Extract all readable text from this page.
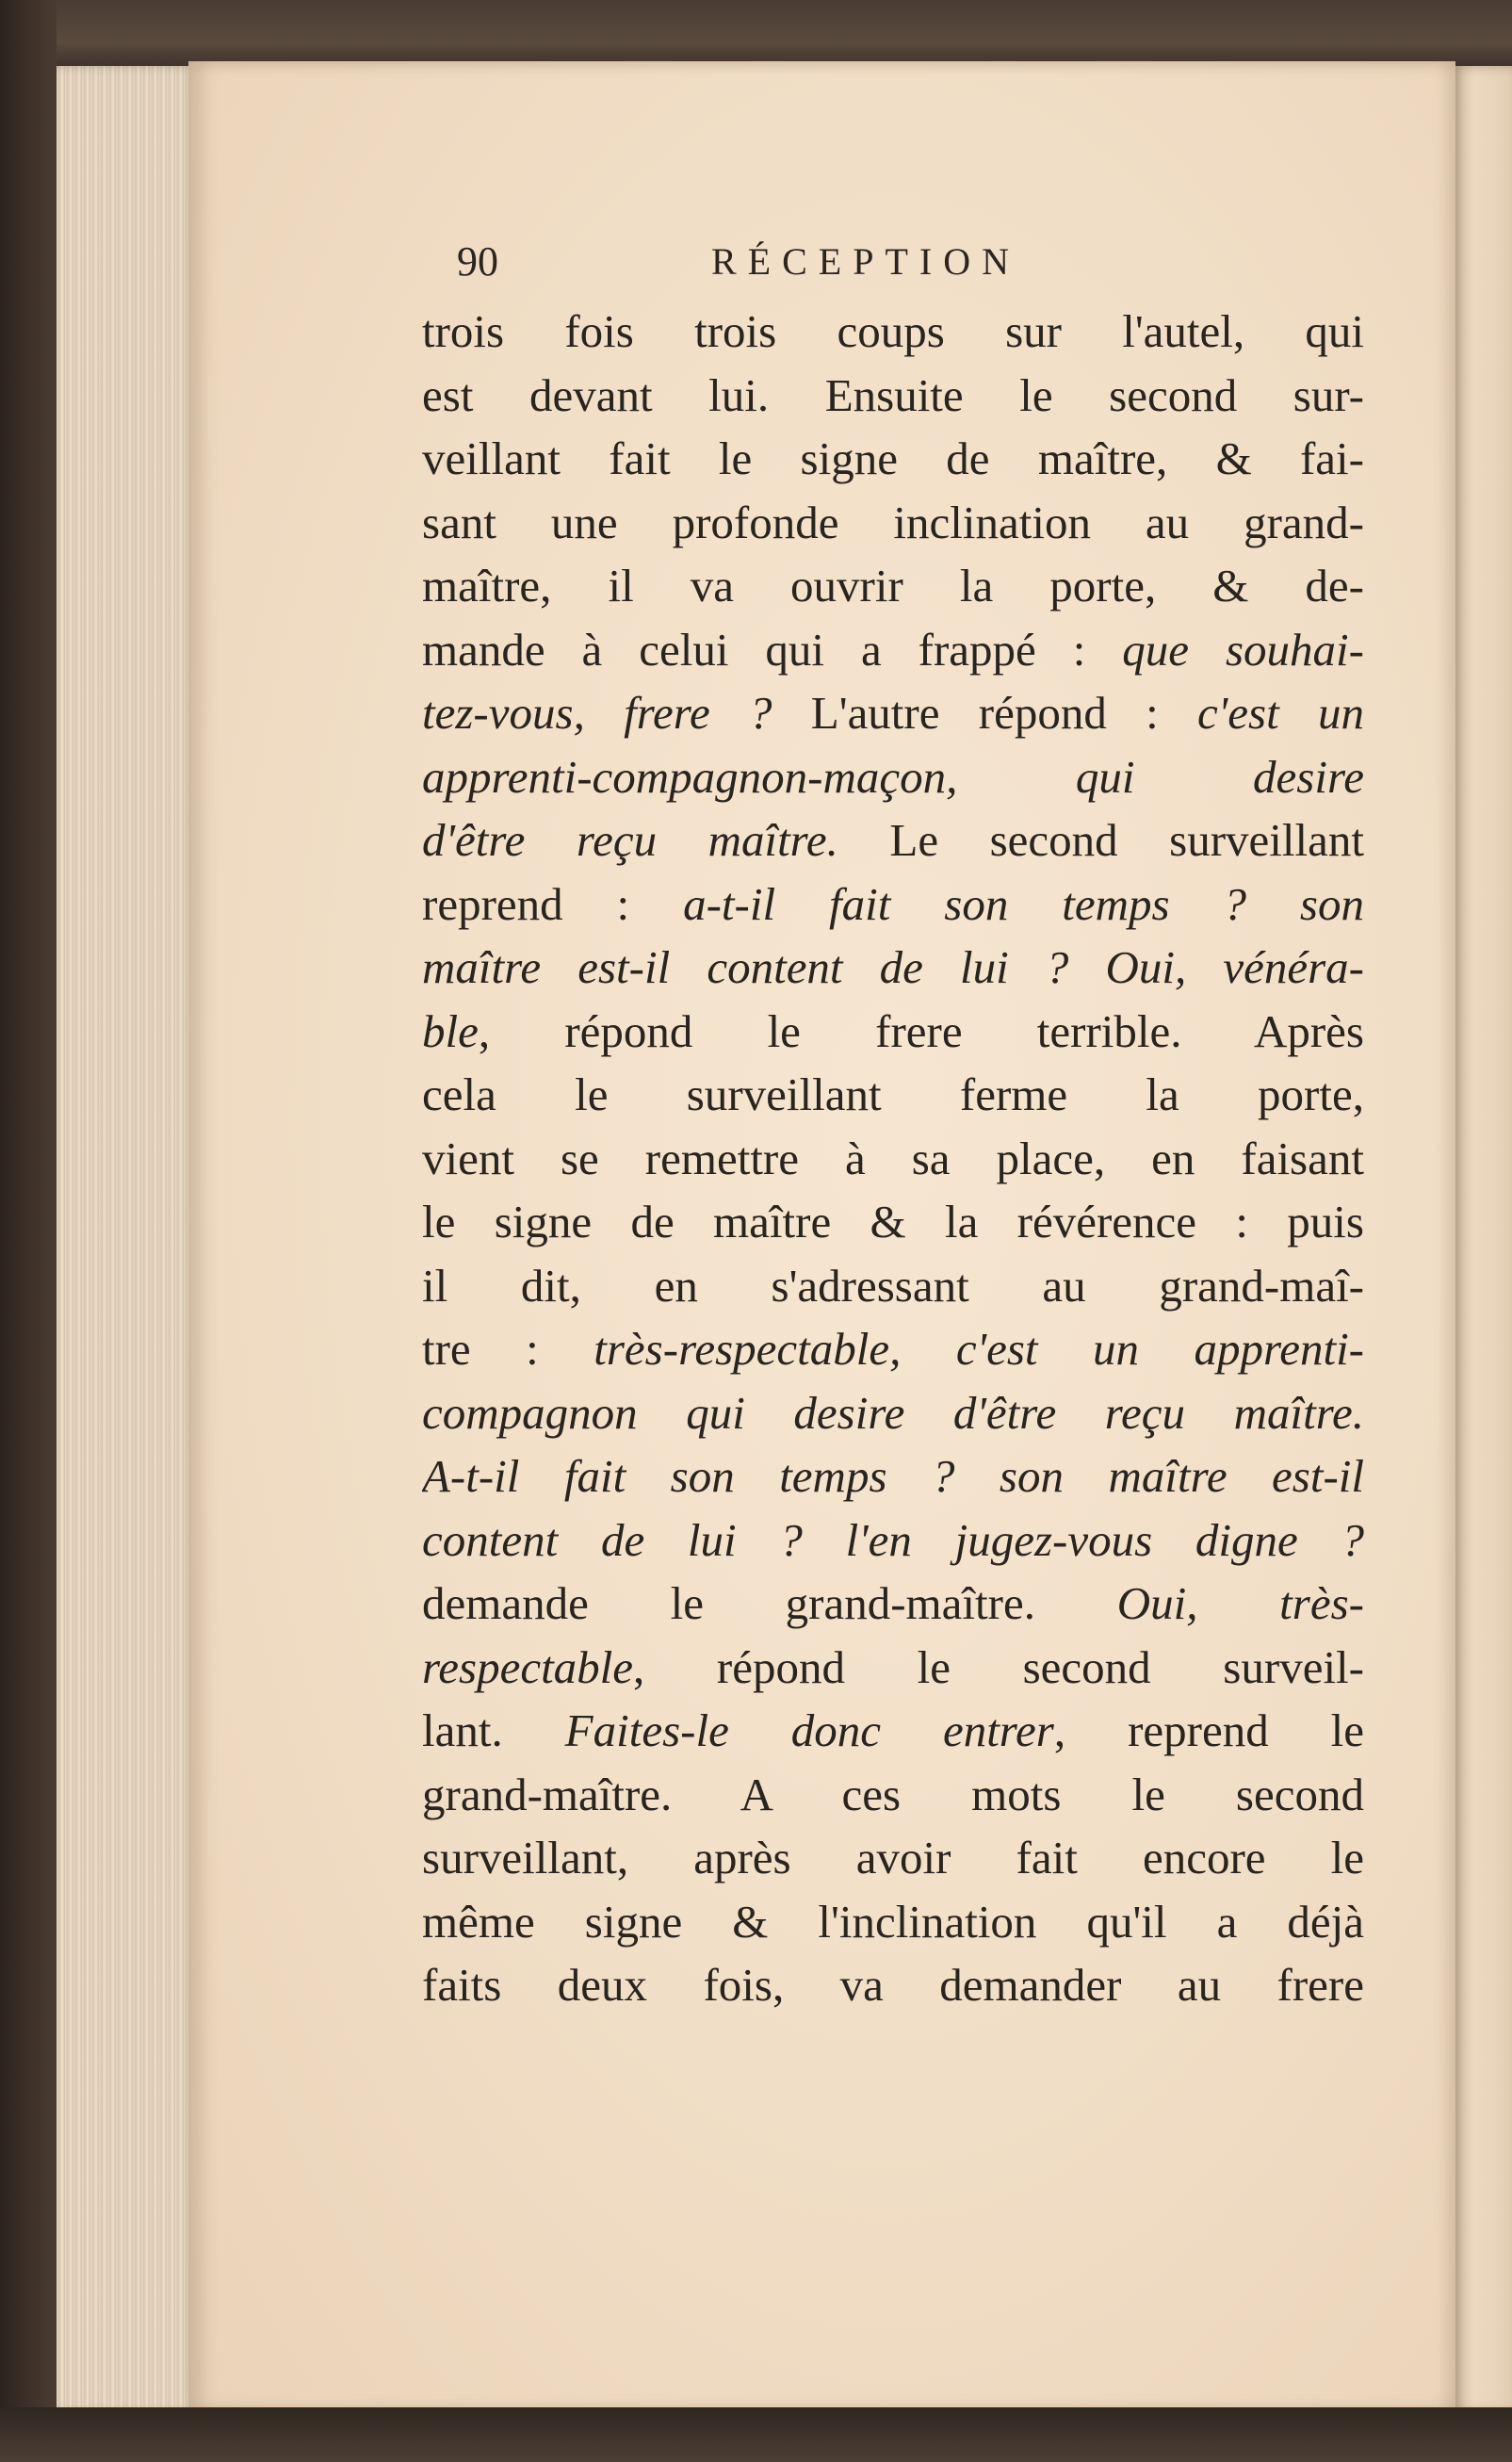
90	RÉCEPTION
trois fois trois coups sur l'autel, qui
est devant lui. Ensuite le second sur-
veillant fait le signe de maître, & fai-
sant une profonde inclination au grand-
maître, il va ouvrir la porte, & de-
mande à celui qui a frappé : que souhai-
tez-vous, frere ? L'autre répond : c'est un
apprenti-compagnon-maçon, qui desire
d'être reçu maître. Le second surveillant
reprend : a-t-il fait son temps ? son
maître est-il content de lui ? Oui, vénéra-
ble, répond le frere terrible. Après
cela le surveillant ferme la porte,
vient se remettre à sa place, en faisant
le signe de maître & la révérence : puis
il dit, en s'adressant au grand-maî-
tre : très-respectable, c'est un apprenti-
compagnon qui desire d'être reçu maître.
A-t-il fait son temps ? son maître est-il
content de lui ? l'en jugez-vous digne ?
demande le grand-maître. Oui, très-
respectable, répond le second surveil-
lant. Faites-le donc entrer, reprend le
grand-maître. A ces mots le second
surveillant, après avoir fait encore le
même signe & l'inclination qu'il a déjà
faits deux fois, va demander au frere
